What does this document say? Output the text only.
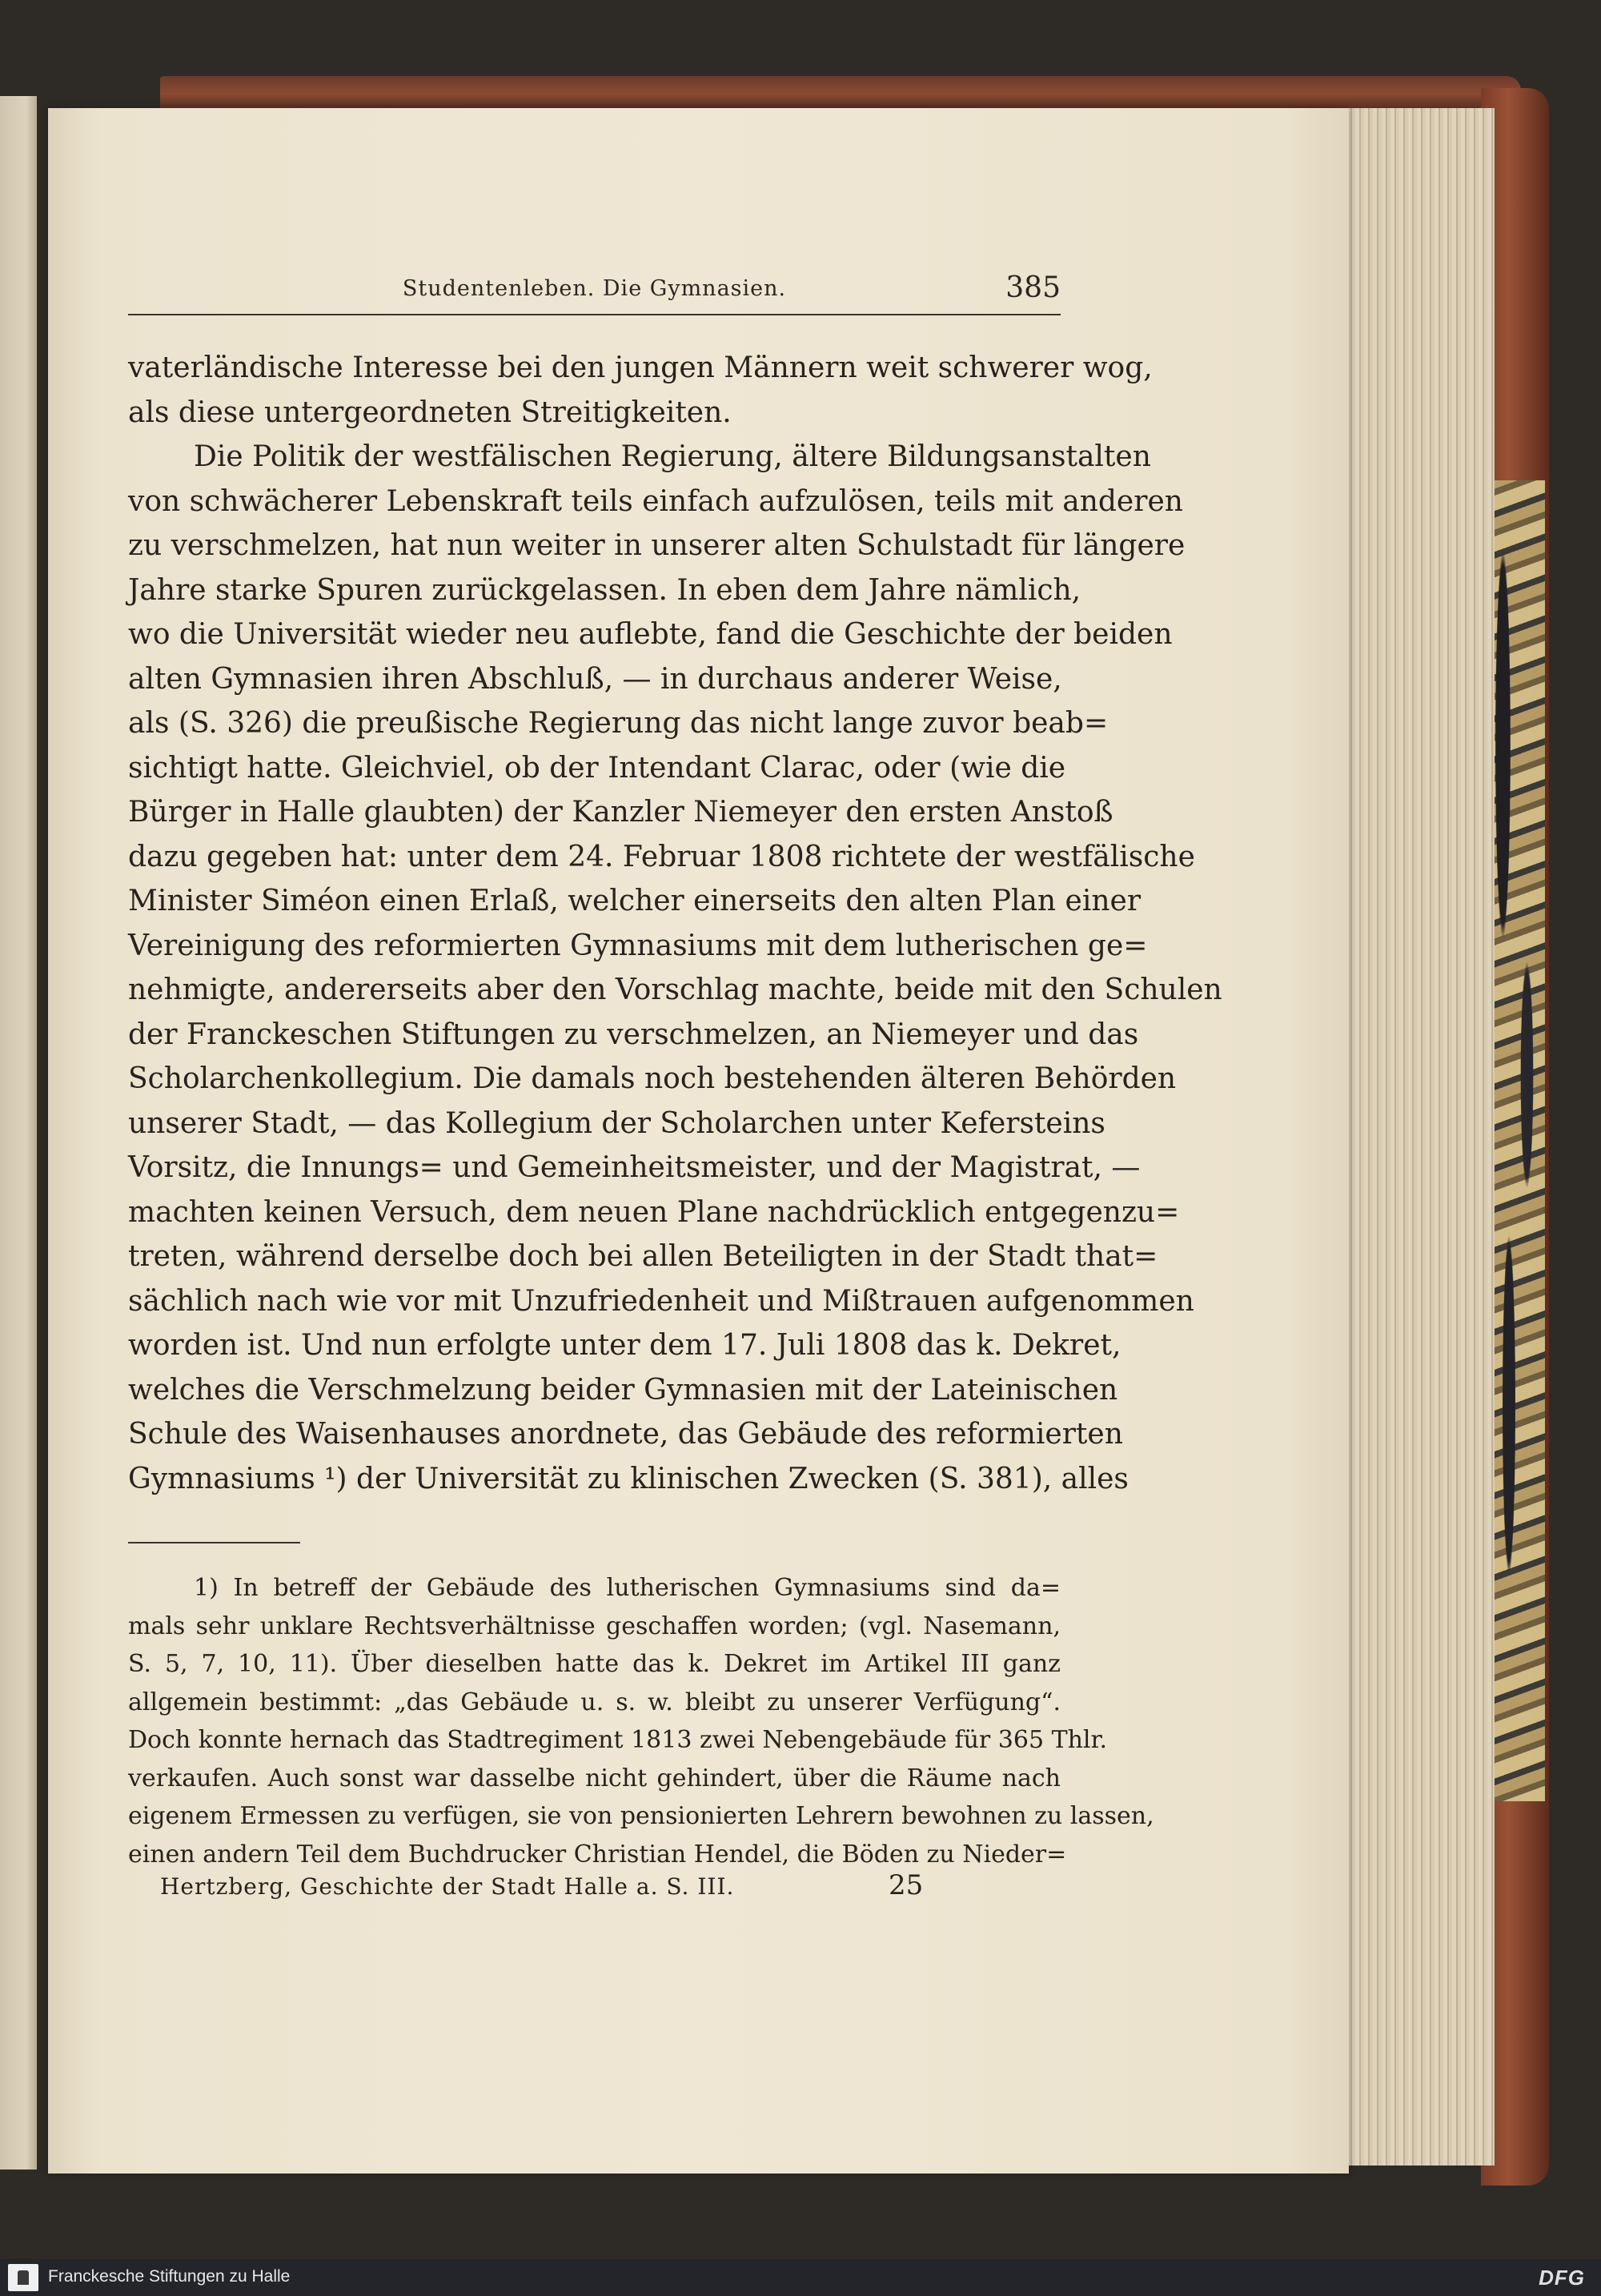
Studentenleben. Die Gymnasien.	385
vaterländische Interesse bei den jungen Männern weit schwerer wog,
als diese untergeordneten Streitigkeiten.
Die Politik der westfälischen Regierung, ältere Bildungsanstalten
von schwächerer Lebenskraft teils einfach aufzulösen, teils mit anderen
zu verschmelzen, hat nun weiter in unserer alten Schulstadt für längere
Jahre starke Spuren zurückgelassen. In eben dem Jahre nämlich,
wo die Universität wieder neu auflebte, fand die Geschichte der beiden
alten Gymnasien ihren Abschluß, — in durchaus anderer Weise,
als (S. 326) die preußische Regierung das nicht lange zuvor beab=
sichtigt hatte. Gleichviel, ob der Intendant Clarac, oder (wie die
Bürger in Halle glaubten) der Kanzler Niemeyer den ersten Anstoß
dazu gegeben hat: unter dem 24. Februar 1808 richtete der westfälische
Minister Siméon einen Erlaß, welcher einerseits den alten Plan einer
Vereinigung des reformierten Gymnasiums mit dem lutherischen ge=
nehmigte, andererseits aber den Vorschlag machte, beide mit den Schulen
der Franckeschen Stiftungen zu verschmelzen, an Niemeyer und das
Scholarchenkollegium. Die damals noch bestehenden älteren Behörden
unserer Stadt, — das Kollegium der Scholarchen unter Kefersteins
Vorsitz, die Innungs= und Gemeinheitsmeister, und der Magistrat, —
machten keinen Versuch, dem neuen Plane nachdrücklich entgegenzu=
treten, während derselbe doch bei allen Beteiligten in der Stadt that=
sächlich nach wie vor mit Unzufriedenheit und Mißtrauen aufgenommen
worden ist. Und nun erfolgte unter dem 17. Juli 1808 das k. Dekret,
welches die Verschmelzung beider Gymnasien mit der Lateinischen
Schule des Waisenhauses anordnete, das Gebäude des reformierten
Gymnasiums ¹) der Universität zu klinischen Zwecken (S. 381), alles
1) In betreff der Gebäude des lutherischen Gymnasiums sind da=
mals sehr unklare Rechtsverhältnisse geschaffen worden; (vgl. Nasemann,
S. 5, 7, 10, 11). Über dieselben hatte das k. Dekret im Artikel III ganz
allgemein bestimmt: „das Gebäude u. s. w. bleibt zu unserer Verfügung“.
Doch konnte hernach das Stadtregiment 1813 zwei Nebengebäude für 365 Thlr.
verkaufen. Auch sonst war dasselbe nicht gehindert, über die Räume nach
eigenem Ermessen zu verfügen, sie von pensionierten Lehrern bewohnen zu lassen,
einen andern Teil dem Buchdrucker Christian Hendel, die Böden zu Nieder=
Hertzberg, Geschichte der Stadt Halle a. S. III.	25
Franckesche Stiftungen zu Halle	DFG
